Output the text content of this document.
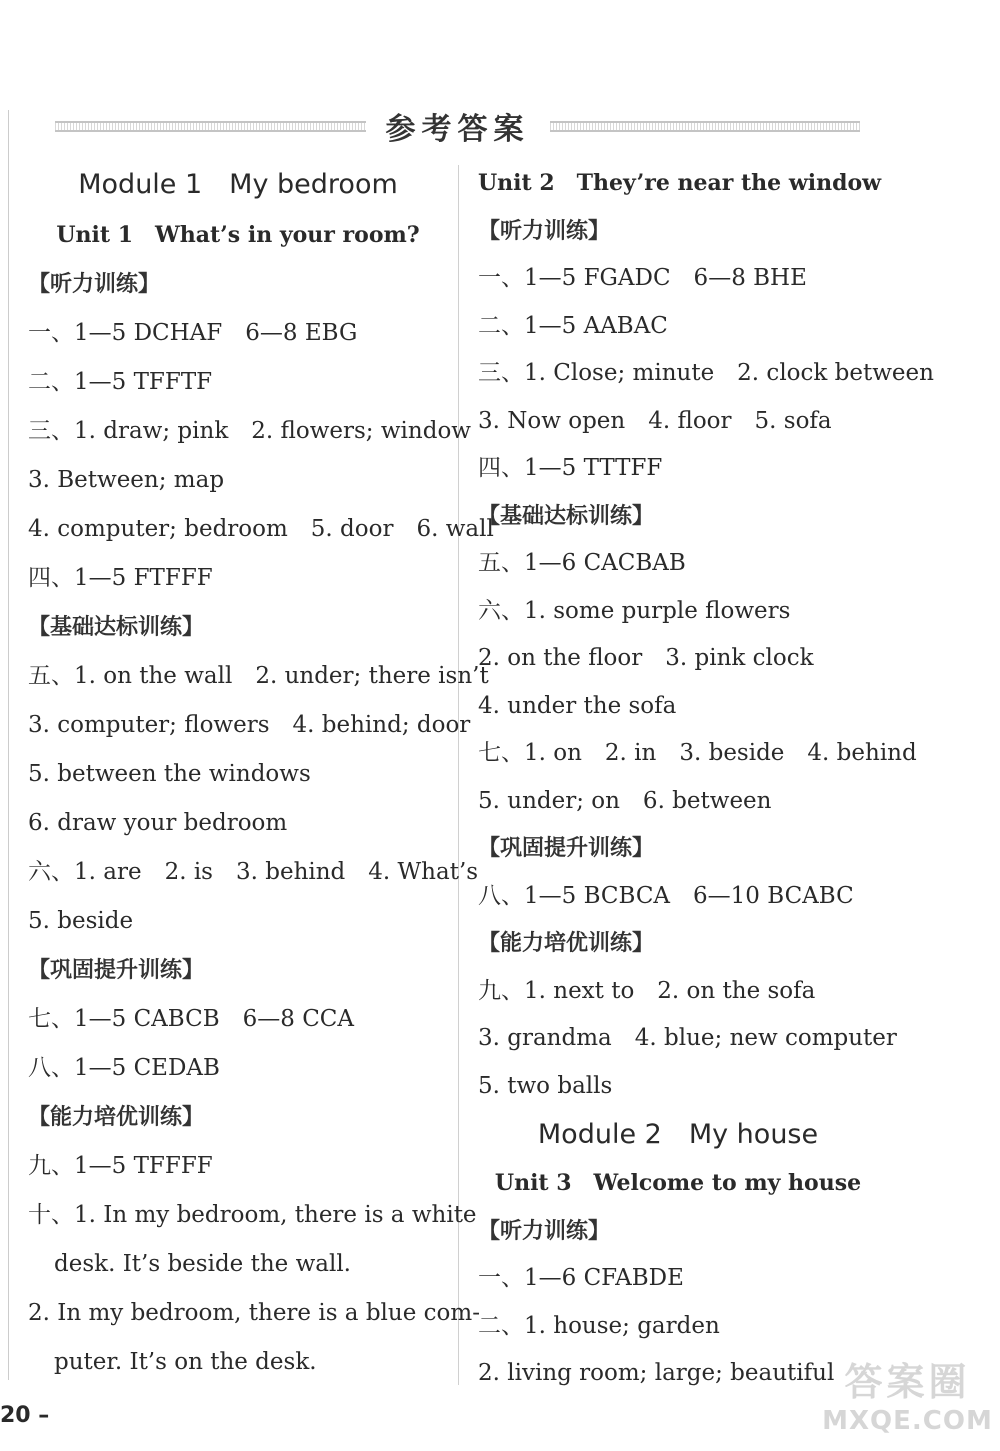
参考答案
Module 1　My bedroom
Unit 1　What’s in your room?
【听力训练】
一、1—5 DCHAF　6—8 EBG
二、1—5 TFFTF
三、1. draw; pink　2. flowers; window
3. Between; map
4. computer; bedroom　5. door　6. wall
四、1—5 FTFFF
【基础达标训练】
五、1. on the wall　2. under; there isn’t
3. computer; flowers　4. behind; door
5. between the windows
6. draw your bedroom
六、1. are　2. is　3. behind　4. What’s
5. beside
【巩固提升训练】
七、1—5 CABCB　6—8 CCA
八、1—5 CEDAB
【能力培优训练】
九、1—5 TFFFF
十、1. In my bedroom, there is a white
desk. It’s beside the wall.
2. In my bedroom, there is a blue com-
puter. It’s on the desk.
Unit 2　They’re near the window
【听力训练】
一、1—5 FGADC　6—8 BHE
二、1—5 AABAC
三、1. Close; minute　2. clock between
3. Now open　4. floor　5. sofa
四、1—5 TTTFF
【基础达标训练】
五、1—6 CACBAB
六、1. some purple flowers
2. on the floor　3. pink clock
4. under the sofa
七、1. on　2. in　3. beside　4. behind
5. under; on　6. between
【巩固提升训练】
八、1—5 BCBCA　6—10 BCABC
【能力培优训练】
九、1. next to　2. on the sofa
3. grandma　4. blue; new computer
5. two balls
Module 2　My house
Unit 3　Welcome to my house
【听力训练】
一、1—6 CFABDE
二、1. house; garden
2. living room; large; beautiful
20 –
答案圈
MXQE.COM
